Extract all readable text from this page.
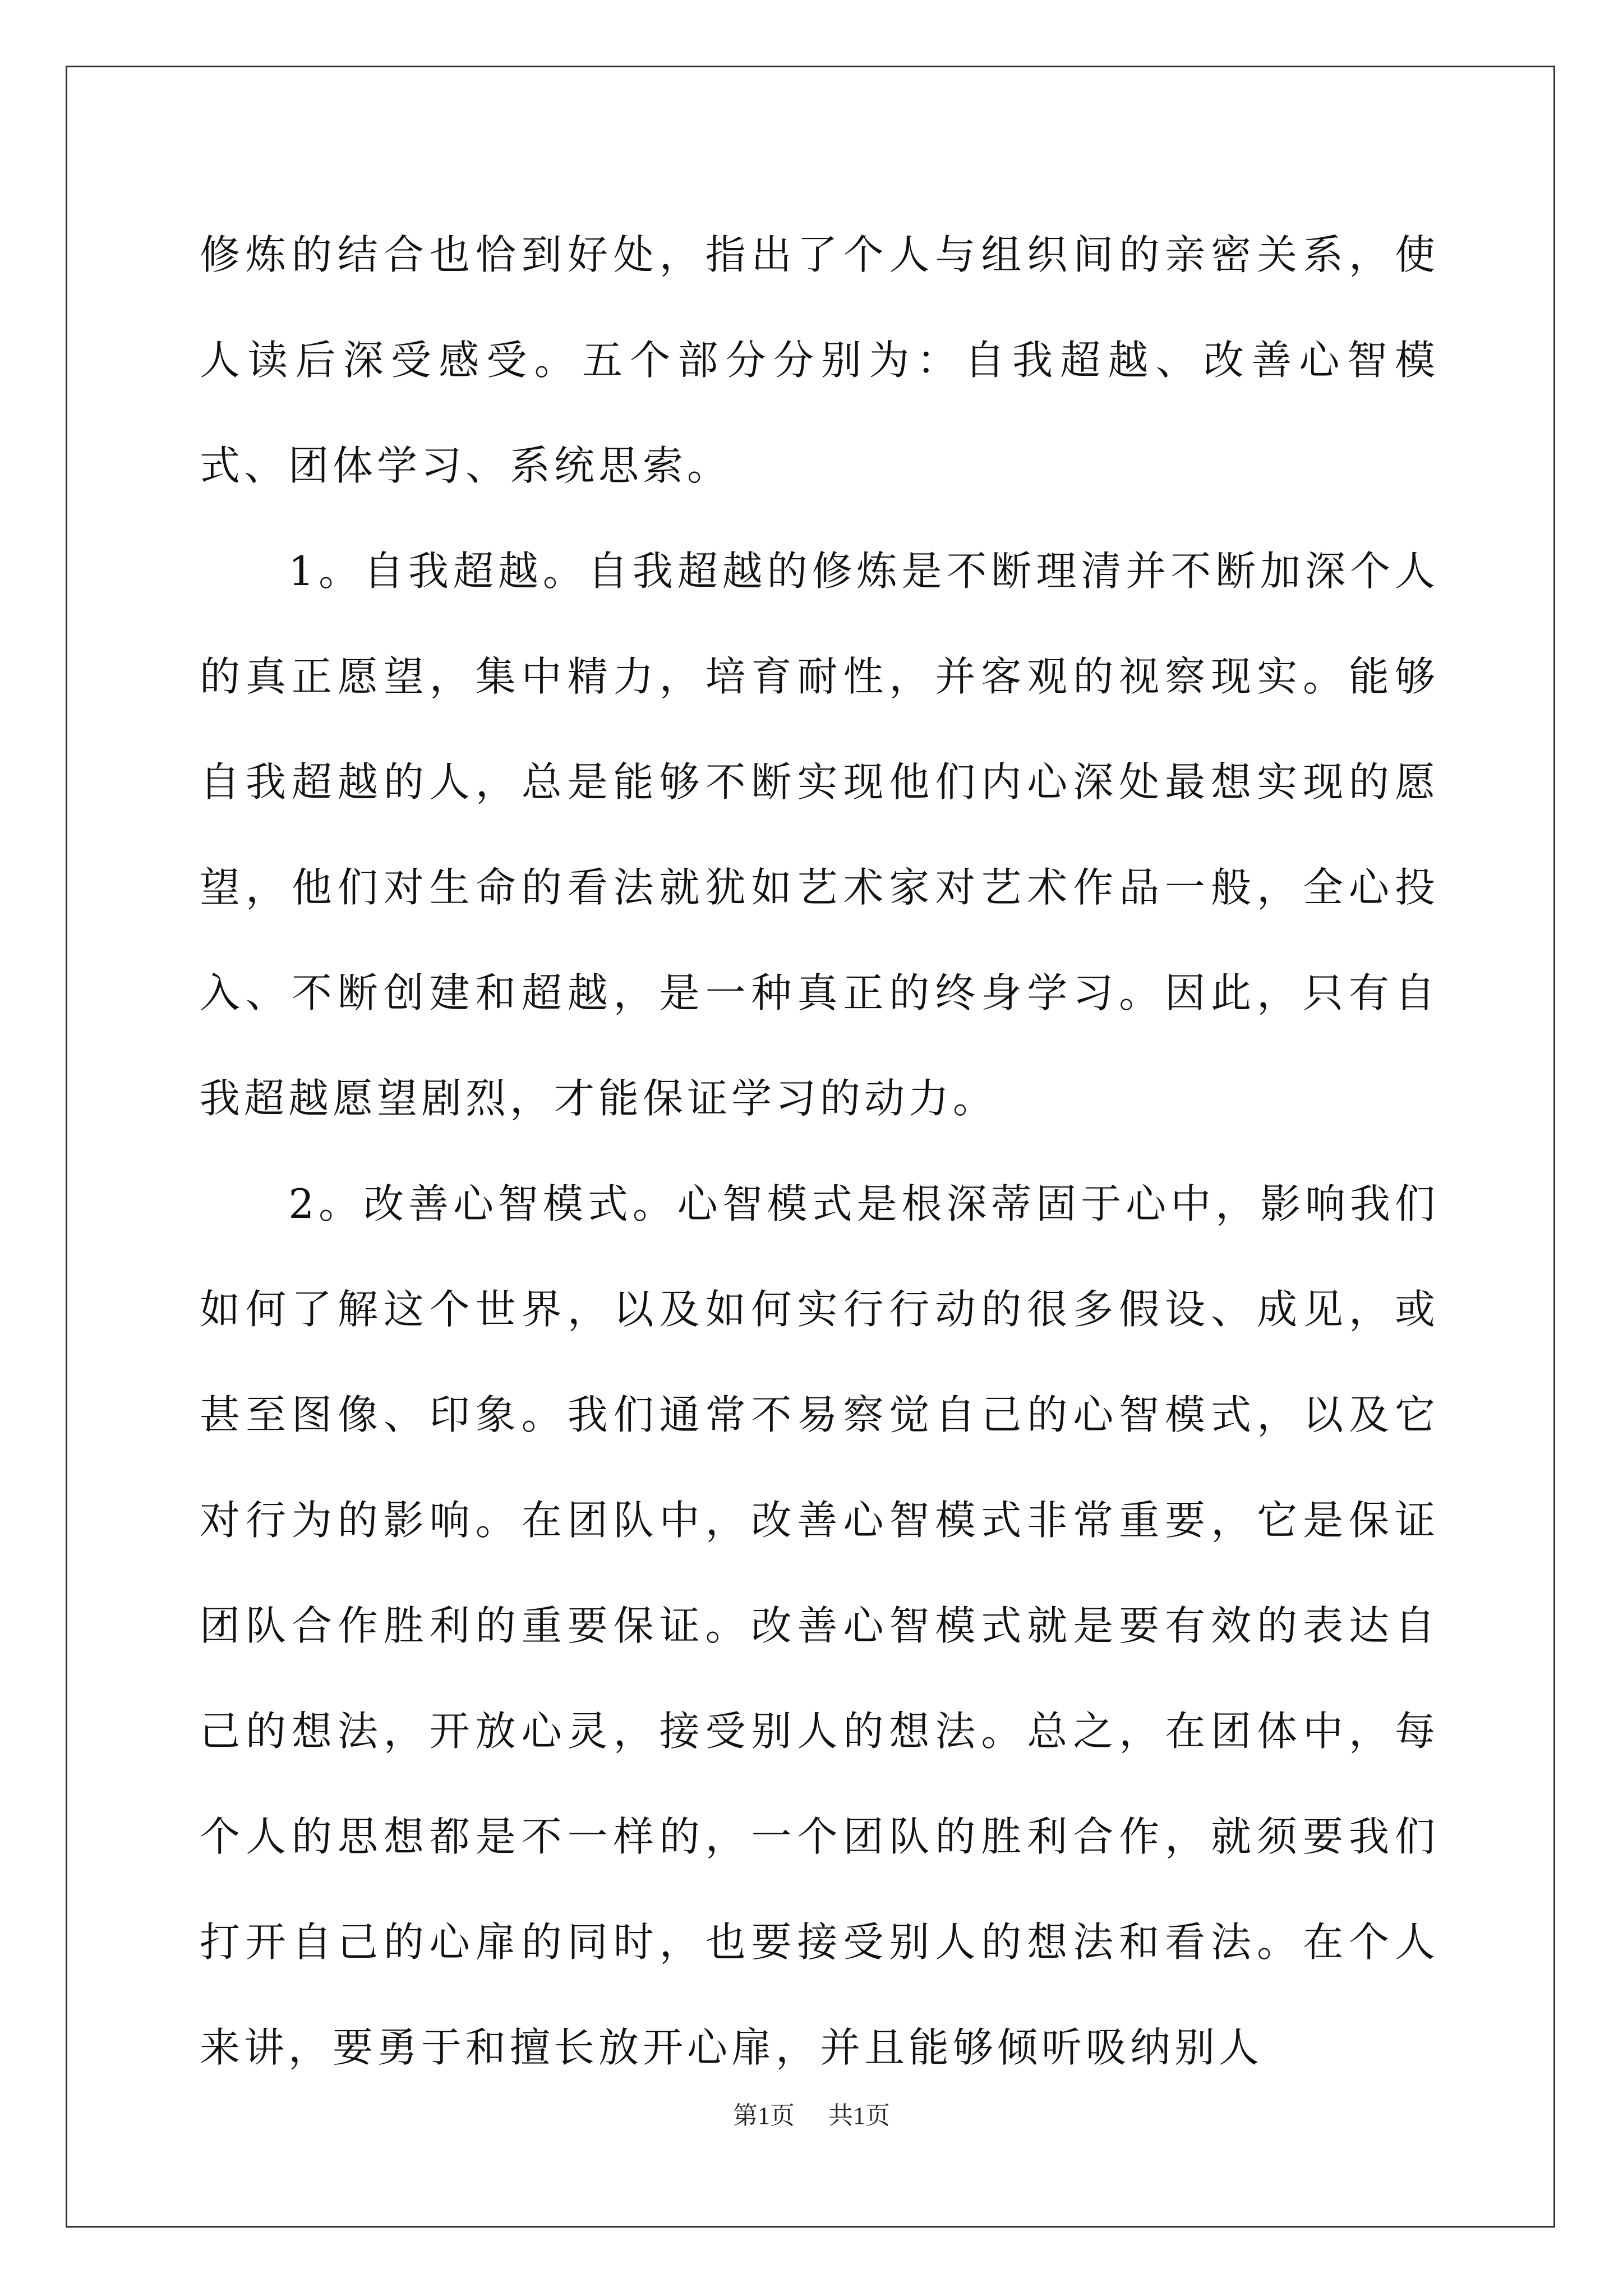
修炼的结合也恰到好处，指出了个人与组织间的亲密关系，使人读后深受感受。五个部分分别为：自我超越、改善心智模式、团体学习、系统思索。

1。自我超越。自我超越的修炼是不断理清并不断加深个人的真正愿望，集中精力，培育耐性，并客观的视察现实。能够自我超越的人，总是能够不断实现他们内心深处最想实现的愿望，他们对生命的看法就犹如艺术家对艺术作品一般，全心投入、不断创建和超越，是一种真正的终身学习。因此，只有自我超越愿望剧烈，才能保证学习的动力。

2。改善心智模式。心智模式是根深蒂固于心中，影响我们如何了解这个世界，以及如何实行行动的很多假设、成见，或甚至图像、印象。我们通常不易察觉自己的心智模式，以及它对行为的影响。在团队中，改善心智模式非常重要，它是保证团队合作胜利的重要保证。改善心智模式就是要有效的表达自己的想法，开放心灵，接受别人的想法。总之，在团体中，每个人的思想都是不一样的，一个团队的胜利合作，就须要我们打开自己的心扉的同时，也要接受别人的想法和看法。在个人来讲，要勇于和擅长放开心扉，并且能够倾听吸纳别人

第1页 共1页
